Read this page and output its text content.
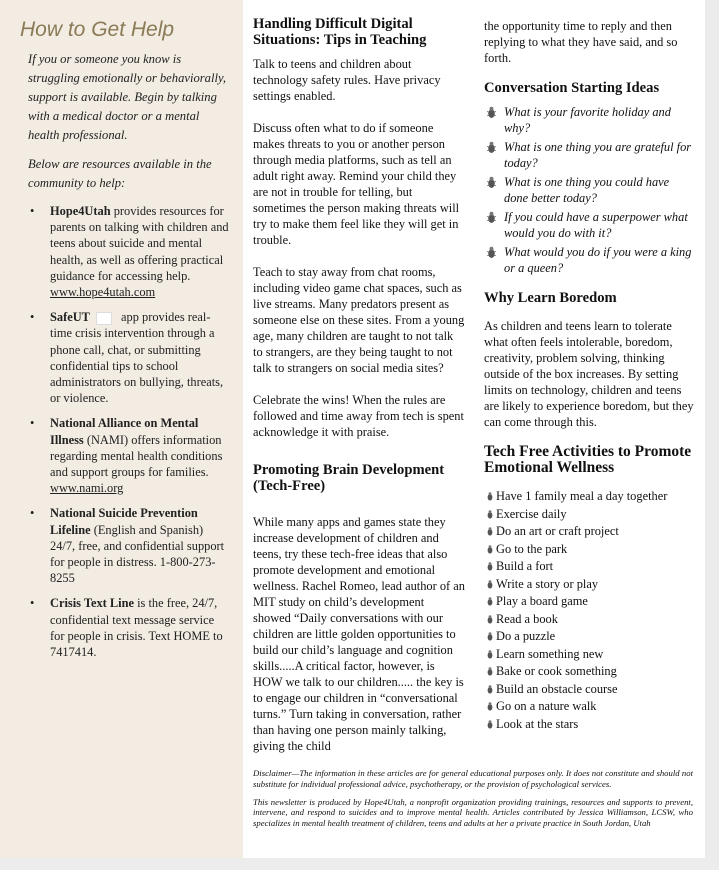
How to Get Help

If you or someone you know is struggling emotionally or behaviorally, support is available. Begin by talking with a medical doctor or a mental health professional.

Below are resources available in the community to help:

• Hope4Utah provides resources for parents on talking with children and teens about suicide and mental health, as well as offering practical guidance for accessing help.
www.hope4utah.com
• SafeUT app provides real-time crisis intervention through a phone call, chat, or submitting confidential tips to school administrators on bullying, threats, or violence.
• National Alliance on Mental Illness (NAMI) offers information regarding mental health conditions and support groups for families.
www.nami.org
• National Suicide Prevention Lifeline (English and Spanish) 24/7, free, and confidential support for people in distress. 1-800-273-8255
• Crisis Text Line is the free, 24/7, confidential text message service for people in crisis. Text HOME to 7417414.
Handling Difficult Digital Situations: Tips in Teaching

Talk to teens and children about technology safety rules. Have privacy settings enabled.

Discuss often what to do if someone makes threats to you or another person through media platforms, such as tell an adult right away. Remind your child they are not in trouble for telling, but sometimes the person making threats will try to make them feel like they will get in trouble.

Teach to stay away from chat rooms, including video game chat spaces, such as live streams. Many predators present as someone else on these sites. From a young age, many children are taught to not talk to strangers, are they being taught to not talk to strangers on social media sites?

Celebrate the wins! When the rules are followed and time away from tech is spent acknowledge it with praise.

Promoting Brain Development (Tech-Free)

While many apps and games state they increase development of children and teens, try these tech-free ideas that also promote development and emotional wellness. Rachel Romeo, lead author of an MIT study on child’s development showed “Daily conversations with our children are little golden opportunities to build our child’s language and cognition skills.....A critical factor, however, is HOW we talk to our children..... the key is to engage our children in “conversational turns.” Turn taking in conversation, rather than having one person mainly talking, giving the child

the opportunity time to reply and then replying to what they have said, and so forth.

Conversation Starting Ideas
What is your favorite holiday and why?
What is one thing you are grateful for today?
What is one thing you could have done better today?
If you could have a superpower what would you do with it?
What would you do if you were a king or a queen?
Why Learn Boredom

As children and teens learn to tolerate what often feels intolerable, boredom, creativity, problem solving, thinking outside of the box increases. By setting limits on technology, children and teens are likely to experience boredom, but they can come through this.

Tech Free Activities to Promote Emotional Wellness
Have 1 family meal a day together
Exercise daily
Do an art or craft project
Go to the park
Build a fort
Write a story or play
Play a board game
Read a book
Do a puzzle
Learn something new
Bake or cook something
Build an obstacle course
Go on a nature walk
Look at the stars

Disclaimer—The information in these articles are for general educational purposes only. It does not constitute and should not substitute for individual professional advice, psychotherapy, or the provision of psychological services.

This newsletter is produced by Hope4Utah, a nonprofit organization providing trainings, resources and supports to prevent, intervene, and respond to suicides and to improve mental health. Articles contributed by Jessica Williamson, LCSW, who specializes in mental health treatment of children, teens and adults at her a private practice in South Jordan, Utah
